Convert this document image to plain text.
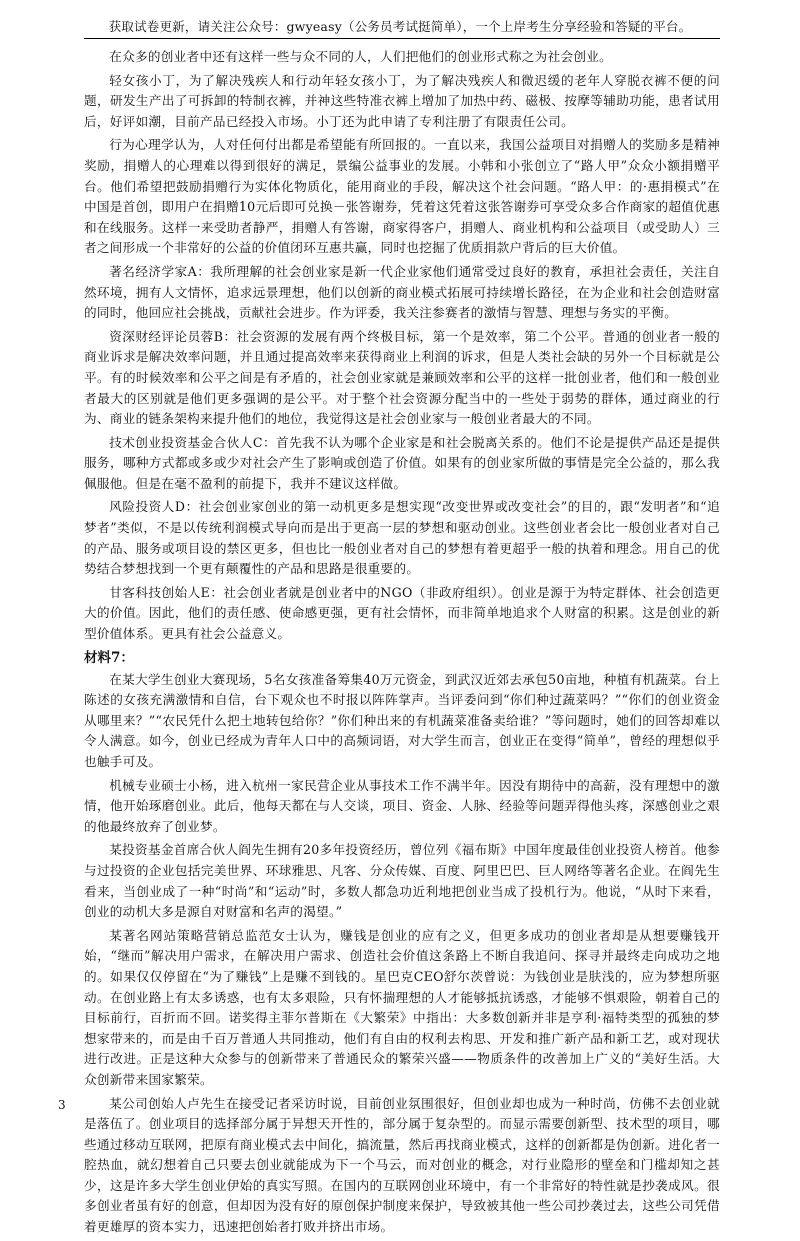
获取试卷更新，请关注公众号：gwyeasy（公务员考试挺简单），一个上岸考生分享经验和答疑的平台。

在众多的创业者中还有这样一些与众不同的人，人们把他们的创业形式称之为社会创业。

轻女孩小丁，为了解决残疾人和行动年轻女孩小丁，为了解决残疾人和微迟缓的老年人穿脱衣裤不便的问题，研发生产出了可拆卸的特制衣裤，并神这些特准衣裤上增加了加热中药、磁极、按摩等辅助功能，患者试用后，好评如潮，目前产品已经投入市场。小丁还为此申请了专利注册了有限责任公司。

行为心理学认为，人对任何付出都是希望能有所回报的。一直以来，我国公益项目对捐赠人的奖励多是精神奖励，捐赠人的心理难以得到很好的满足，景编公益事业的发展。小韩和小张创立了“路人甲”众众小额捐赠平台。他们希望把鼓励捐赠行为实体化物质化，能用商业的手段，解决这个社会问题。“路人甲：的·惠捐模式”在中国是首创，即用户在捐赠10元后即可兑换－张答谢券，凭着这凭着这张答谢券可享受众多合作商家的超值优惠和在线服务。这样一来受助者静严，捐赠人有答谢，商家得客户，捐赠人、商业机构和公益项目（或受助人）三者之间形成一个非常好的公益的价值闭环互惠共赢，同时也挖掘了优质捐款户背后的巨大价值。

著名经济学家A：我所理解的社会创业家是新一代企业家他们通常受过良好的教育，承担社会责任，关注自然环境，拥有人文情怀，追求远景理想，他们以创新的商业模式拓展可持续增长路径，在为企业和社会创造财富的同时，他回应社会挑战，贡献社会进步。作为评委，我关注参赛者的激情与智慧、理想与务实的平衡。

资深财经评论员蓉B：社会资源的发展有两个终极目标，第一个是效率，第二个公平。普通的创业者一般的商业诉求是解决效率问题，并且通过提高效率来获得商业上利润的诉求，但是人类社会缺的另外一个目标就是公平。有的时候效率和公平之间是有矛盾的，社会创业家就是兼顾效率和公平的这样一批创业者，他们和一般创业者最大的区别就是他们更多强调的是公平。对于整个社会资源分配当中的一些处于弱势的群体，通过商业的行为、商业的链条架构来提升他们的地位，我觉得这是社会创业家与一般创业者最大的不同。

技术创业投资基金合伙人C：首先我不认为哪个企业家是和社会脱离关系的。他们不论是提供产品还是提供服务，哪种方式都或多或少对社会产生了影响或创造了价值。如果有的创业家所做的事情是完全公益的，那么我佩服他。但是在毫不盈利的前提下，我并不建议这样做。

风险投资人D：社会创业家创业的第一动机更多是想实现“改变世界或改变社会”的目的，跟“发明者”和“追梦者”类似，不是以传统利润模式导向而是出于更高一层的梦想和驱动创业。这些创业者会比一般创业者对自己的产品、服务或项目设的禁区更多，但也比一般创业者对自己的梦想有着更超乎一般的执着和理念。用自己的优势结合梦想找到一个更有颠覆性的产品和思路是很重要的。

甘客科技创始人E：社会创业者就是创业者中的NGO（非政府组织）。创业是源于为特定群体、社会创造更大的价值。因此，他们的责任感、使命感更强，更有社会情怀，而非简单地追求个人财富的积累。这是创业的新型价值体系。更具有社会公益意义。

材料7：

在某大学生创业大赛现场，5名女孩准备筹集40万元资金，到武汉近郊去承包50亩地，种植有机蔬菜。台上陈述的女孩充满激情和自信，台下观众也不时报以阵阵掌声。当评委问到“你们种过蔬菜吗？”“你们的创业资金从哪里来？”“农民凭什么把土地转包给你？”你们种出来的有机蔬菜准备卖给谁？”等问题时，她们的回答却难以令人满意。如今，创业已经成为青年人口中的高频词语，对大学生而言，创业正在变得“简单”，曾经的理想似乎也触手可及。

机械专业硕士小杨，进入杭州一家民营企业从事技术工作不满半年。因没有期待中的高薪，没有理想中的激情，他开始琢磨创业。此后，他每天都在与人交谈，项目、资金、人脉、经验等问题弄得他头疼，深感创业之艰的他最终放弃了创业梦。

某投资基金首席合伙人阎先生拥有20多年投资经历，曾位列《福布斯》中国年度最佳创业投资人榜首。他参与过投资的企业包括完美世界、环球雅思、凡客、分众传媒、百度、阿里巴巴、巨人网络等著名企业。在阎先生看来，当创业成了一种“时尚”和“运动”时，多数人都急功近利地把创业当成了投机行为。他说，“从时下来看，创业的动机大多是源自对财富和名声的渴望。”

某著名网站策略营销总监范女士认为，赚钱是创业的应有之义，但更多成功的创业者却是从想要赚钱开始，“继而”解决用户需求，在解决用户需求、创造社会价值这条路上不断自我追问、探寻并最终走向成功之地的。如果仅仅停留在“为了赚钱”上是赚不到钱的。星巴克CEO舒尔茨曾说：为钱创业是肤浅的，应为梦想所驱动。在创业路上有太多诱惑，也有太多艰险，只有怀揣理想的人才能够抵抗诱惑，才能够不惧艰险，朝着自己的目标前行，百折而不回。诺奖得主菲尔普斯在《大繁荣》中指出：大多数创新并非是亨利·福特类型的孤独的梦想家带来的，而是由千百万普通人共同推动，他们有自由的权利去构思、开发和推广新产品和新工艺，或对现状进行改进。正是这种大众参与的创新带来了普通民众的繁荣兴盛——物质条件的改善加上广义的“美好生活。大众创新带来国家繁荣。

某公司创始人卢先生在接受记者采访时说，目前创业氛围很好，但创业却也成为一种时尚，仿佛不去创业就是落伍了。创业项目的选择部分属于异想天开性的，部分属于复杂型的。而显示需要创新型、技术型的项目，哪些通过移动互联网，把原有商业模式去中间化，搞流量，然后再找商业模式，这样的创新都是伪创新。进化者一腔热血，就幻想着自己只要去创业就能成为下一个马云，而对创业的概念，对行业隐形的壁垒和门槛却知之甚少，这是许多大学生创业伊始的真实写照。在国内的互联网创业环境中，有一个非常好的特性就是抄袭成风。很多创业者虽有好的创意，但却因为没有好的原创保护制度来保护，导致被其他一些公司抄袭过去，这些公司凭借着更雄厚的资本实力，迅速把创始者打败并挤出市场。

3
